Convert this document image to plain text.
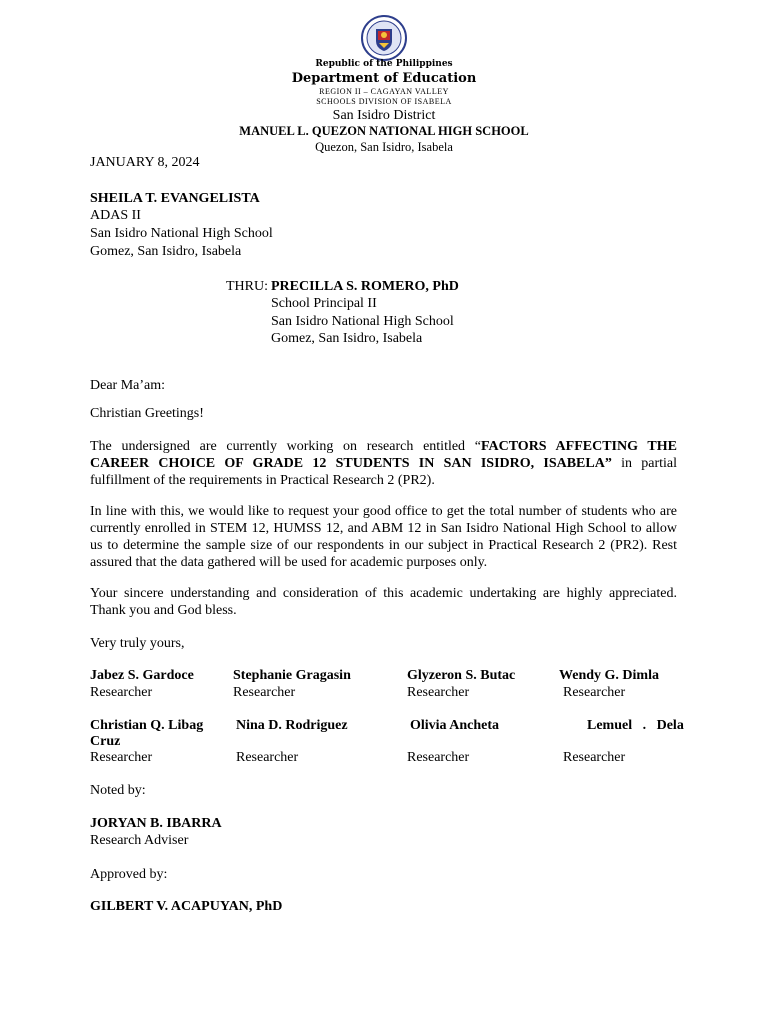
Republic of the Philippines
Department of Education
REGION II – CAGAYAN VALLEY
SCHOOLS DIVISION OF ISABELA
San Isidro District
MANUEL L. QUEZON NATIONAL HIGH SCHOOL
Quezon, San Isidro, Isabela
JANUARY 8, 2024
SHEILA T. EVANGELISTA
ADAS II
San Isidro National High School
Gomez, San Isidro, Isabela
THRU: PRECILLA S. ROMERO, PhD
School Principal II
San Isidro National High School
Gomez, San Isidro, Isabela
Dear Ma’am:
Christian Greetings!
The undersigned are currently working on research entitled “FACTORS AFFECTING THE CAREER CHOICE OF GRADE 12 STUDENTS IN SAN ISIDRO, ISABELA” in partial fulfillment of the requirements in Practical Research 2 (PR2).
In line with this, we would like to request your good office to get the total number of students who are currently enrolled in STEM 12, HUMSS 12, and ABM 12 in San Isidro National High School to allow us to determine the sample size of our respondents in our subject in Practical Research 2 (PR2). Rest assured that the data gathered will be used for academic purposes only.
Your sincere understanding and consideration of this academic undertaking are highly appreciated. Thank you and God bless.
Very truly yours,
Jabez S. Gardoce
Researcher
Stephanie Gragasin
Researcher
Glyzeron S. Butac
Researcher
Wendy G. Dimla
Researcher
Christian Q. Libag
Cruz
Researcher
Nina D. Rodriguez
Researcher
Olivia Ancheta
Researcher
Lemuel . Dela
Researcher
Noted by:
JORYAN B. IBARRA
Research Adviser
Approved by:
GILBERT V. ACAPUYAN, PhD
